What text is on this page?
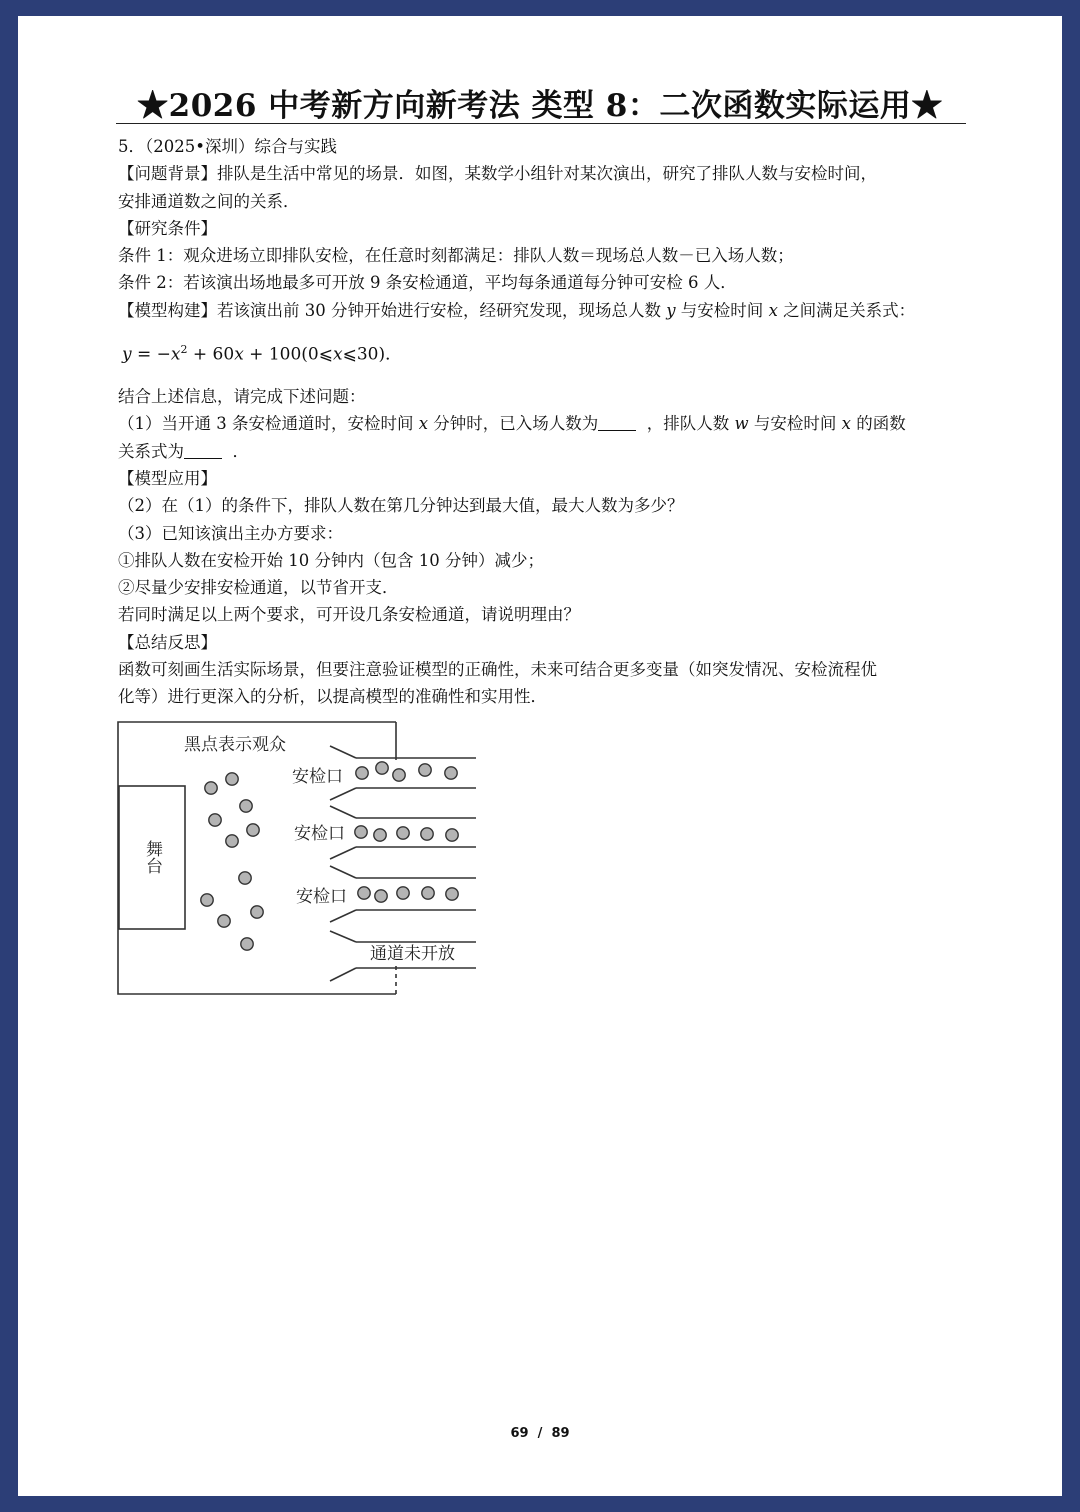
★2026 中考新方向新考法 类型 8：二次函数实际运用★

5．（2025•深圳）综合与实践

【问题背景】排队是生活中常见的场景．如图，某数学小组针对某次演出，研究了排队人数与安检时间，

安排通道数之间的关系．

【研究条件】

条件 1：观众进场立即排队安检，在任意时刻都满足：排队人数＝现场总人数－已入场人数；

条件 2：若该演出场地最多可开放 9 条安检通道，平均每条通道每分钟可安检 6 人．

【模型构建】若该演出前 30 分钟开始进行安检，经研究发现，现场总人数 y 与安检时间 x 之间满足关系式：

$y = -x^2 + 60x$ + 100(0⩽x⩽30)．

结合上述信息，请完成下述问题：

（1）当开通 3 条安检通道时，安检时间 x 分钟时，已入场人数为	，排队人数 w 与安检时间 x 的函数

关系式为	．

【模型应用】

（2）在（1）的条件下，排队人数在第几分钟达到最大值，最大人数为多少？

（3）已知该演出主办方要求：

①排队人数在安检开始 10 分钟内（包含 10 分钟）减少；

②尽量少安排安检通道，以节省开支．

若同时满足以上两个要求，可开设几条安检通道，请说明理由？

【总结反思】

函数可刻画生活实际场景，但要注意验证模型的正确性，未来可结合更多变量（如突发情况、安检流程优

化等）进行更深入的分析，以提高模型的准确性和实用性．

黑点表示观众
安检口
安检口
安检口
通道未开放
舞台
69 / 89
